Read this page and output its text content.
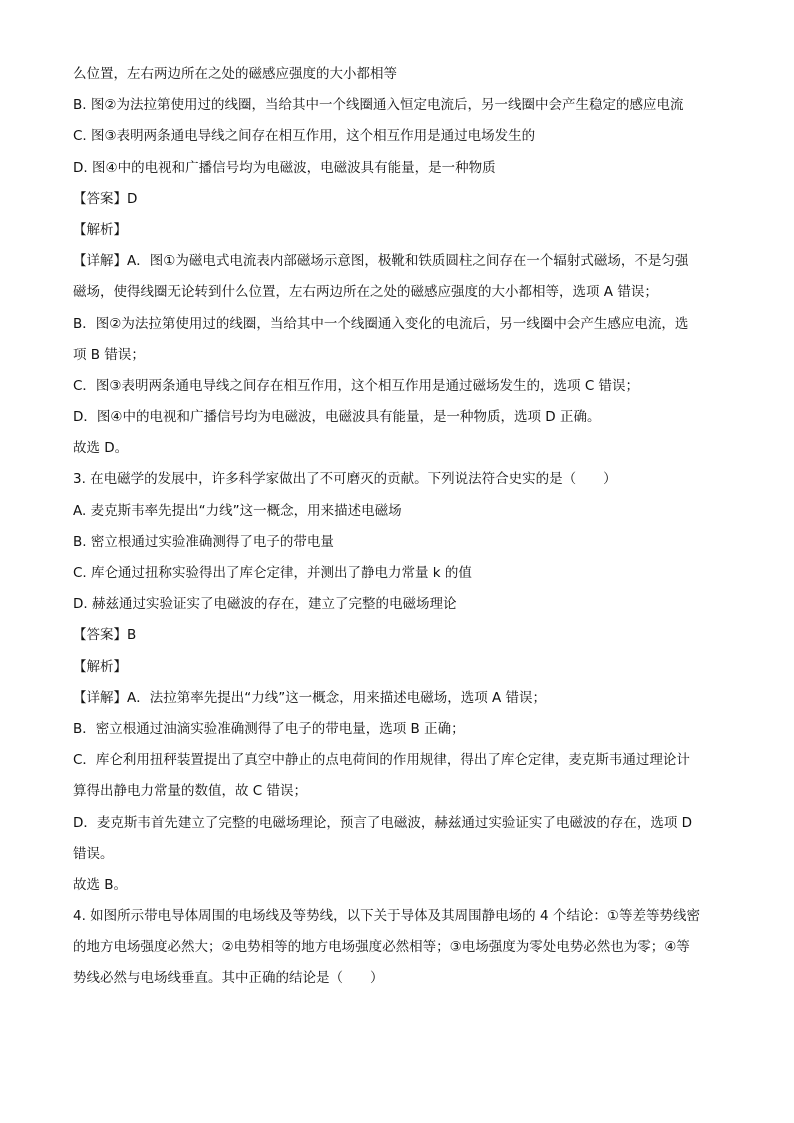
么位置，左右两边所在之处的磁感应强度的大小都相等
B. 图②为法拉第使用过的线圈，当给其中一个线圈通入恒定电流后，另一线圈中会产生稳定的感应电流
C. 图③表明两条通电导线之间存在相互作用，这个相互作用是通过电场发生的
D. 图④中的电视和广播信号均为电磁波，电磁波具有能量，是一种物质
【答案】D
【解析】
【详解】A．图①为磁电式电流表内部磁场示意图，极靴和铁质圆柱之间存在一个辐射式磁场，不是匀强
磁场，使得线圈无论转到什么位置，左右两边所在之处的磁感应强度的大小都相等，选项 A 错误；
B．图②为法拉第使用过的线圈，当给其中一个线圈通入变化的电流后，另一线圈中会产生感应电流，选
项 B 错误；
C．图③表明两条通电导线之间存在相互作用，这个相互作用是通过磁场发生的，选项 C 错误；
D．图④中的电视和广播信号均为电磁波，电磁波具有能量，是一种物质，选项 D 正确。
故选 D。
3. 在电磁学的发展中，许多科学家做出了不可磨灭的贡献。下列说法符合史实的是（　　）
A. 麦克斯韦率先提出“力线”这一概念，用来描述电磁场
B. 密立根通过实验准确测得了电子的带电量
C. 库仑通过扭称实验得出了库仑定律，并测出了静电力常量 k 的值
D. 赫兹通过实验证实了电磁波的存在，建立了完整的电磁场理论
【答案】B
【解析】
【详解】A．法拉第率先提出“力线”这一概念，用来描述电磁场，选项 A 错误；
B．密立根通过油滴实验准确测得了电子的带电量，选项 B 正确；
C．库仑利用扭秤装置提出了真空中静止的点电荷间的作用规律，得出了库仑定律，麦克斯韦通过理论计
算得出静电力常量的数值，故 C 错误；
D．麦克斯韦首先建立了完整的电磁场理论，预言了电磁波，赫兹通过实验证实了电磁波的存在，选项 D
错误。
故选 B。
4. 如图所示带电导体周围的电场线及等势线，以下关于导体及其周围静电场的 4 个结论：①等差等势线密
的地方电场强度必然大；②电势相等的地方电场强度必然相等；③电场强度为零处电势必然也为零；④等
势线必然与电场线垂直。其中正确的结论是（　　）
